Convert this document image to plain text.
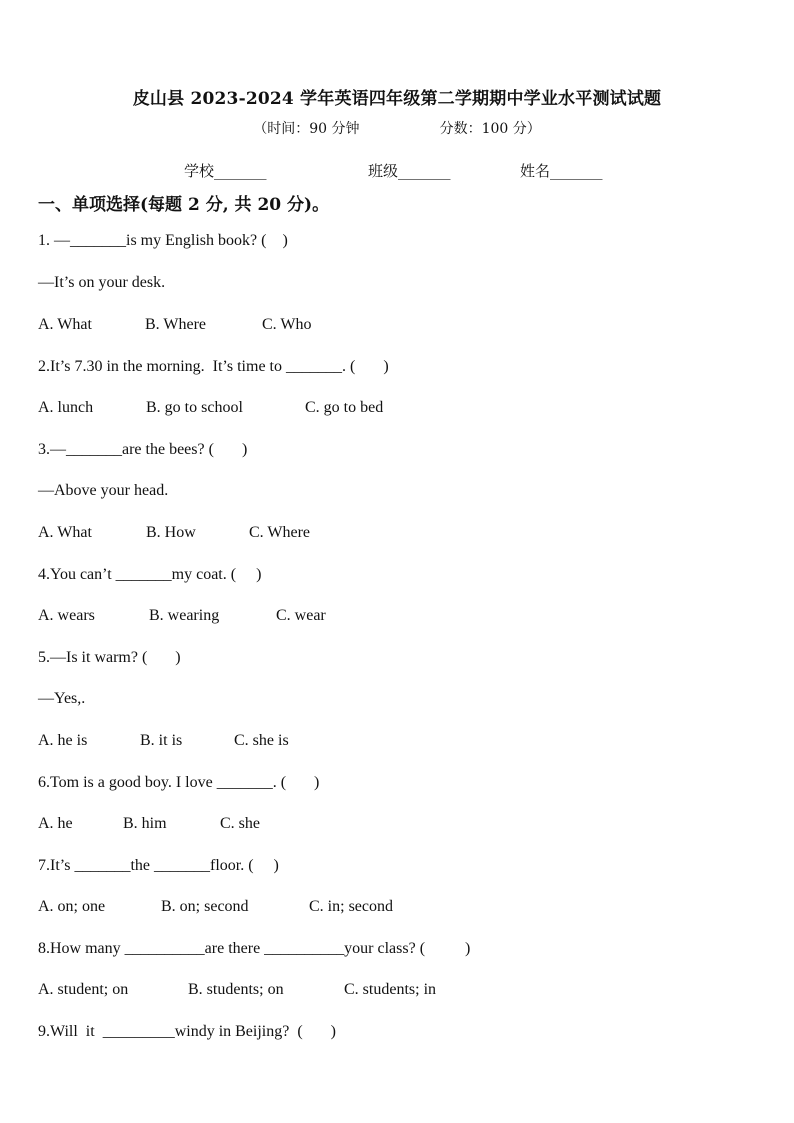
皮山县 2023-2024 学年英语四年级第二学期期中学业水平测试试题
（时间：90 分钟                  分数：100 分）
学校_______	班级_______	姓名_______
一、单项选择(每题 2 分, 共 20 分)。
1. —_______is my English book? (    )
—It’s on your desk.
A. What	B. Where	C. Who
2.It’s 7.30 in the morning.  It’s time to _______. (       )
A. lunch	B. go to school	C. go to bed
3.—_______are the bees? (       )
—Above your head.
A. What	B. How	C. Where
4.You can’t _______my coat. (     )
A. wears	B. wearing	C. wear
5.—Is it warm? (       )
—Yes,.
A. he is	B. it is	C. she is
6.Tom is a good boy. I love _______. (       )
A. he	B. him	C. she
7.It’s _______the _______floor. (     )
A. on; one	B. on; second	C. in; second
8.How many __________are there __________your class? (          )
A. student; on	B. students; on	C. students; in
9.Will  it  _________windy in Beijing?  (       )
